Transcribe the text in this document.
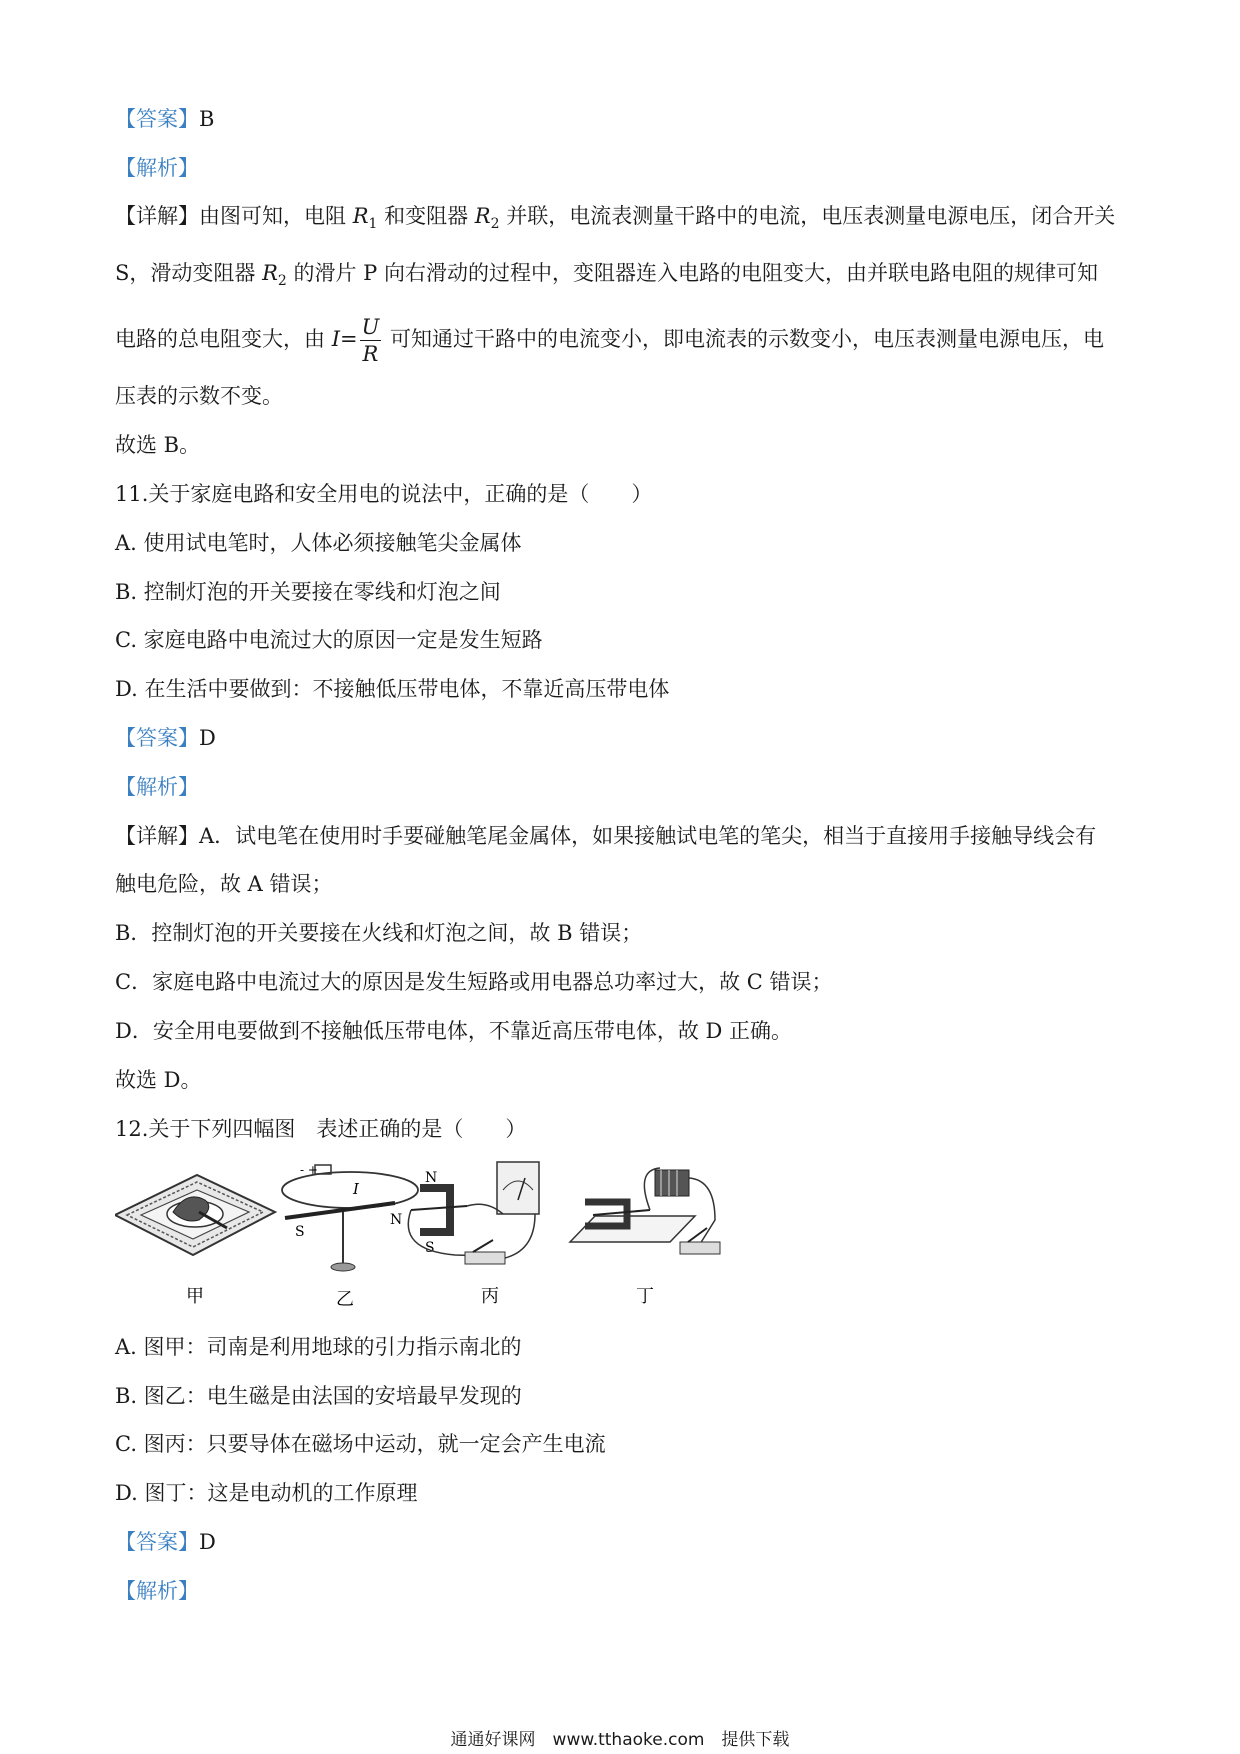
【答案】B
【解析】
【详解】由图可知，电阻 $R_1$ 和变阻器 $R_2$ 并联，电流表测量干路中的电流，电压表测量电源电压，闭合开关
S，滑动变阻器 $R_2$ 的滑片 P 向右滑动的过程中，变阻器连入电路的电阻变大，由并联电路电阻的规律可知
电路的总电阻变大，由 $I= \frac{U}{R}$ 可知通过干路中的电流变小，即电流表的示数变小，电压表测量电源电压，电
压表的示数不变。
故选 B。
11.关于家庭电路和安全用电的说法中，正确的是（　　）
A. 使用试电笔时，人体必须接触笔尖金属体
B. 控制灯泡的开关要接在零线和灯泡之间
C. 家庭电路中电流过大的原因一定是发生短路
D. 在生活中要做到：不接触低压带电体，不靠近高压带电体
【答案】D
【解析】
【详解】A．试电笔在使用时手要碰触笔尾金属体，如果接触试电笔的笔尖，相当于直接用手接触导线会有
触电危险，故 A 错误；
B．控制灯泡的开关要接在火线和灯泡之间，故 B 错误；
C．家庭电路中电流过大的原因是发生短路或用电器总功率过大，故 C 错误；
D．安全用电要做到不接触低压带电体，不靠近高压带电体，故 D 正确。
故选 D。
12.关于下列四幅图　表述正确的是（　　）
甲
- +
I
S
N
乙
N
S
丙	丁
A. 图甲：司南是利用地球的引力指示南北的
B. 图乙：电生磁是由法国的安培最早发现的
C. 图丙：只要导体在磁场中运动，就一定会产生电流
D. 图丁：这是电动机的工作原理
【答案】D
【解析】
通通好课网　www.tthaoke.com　提供下载
